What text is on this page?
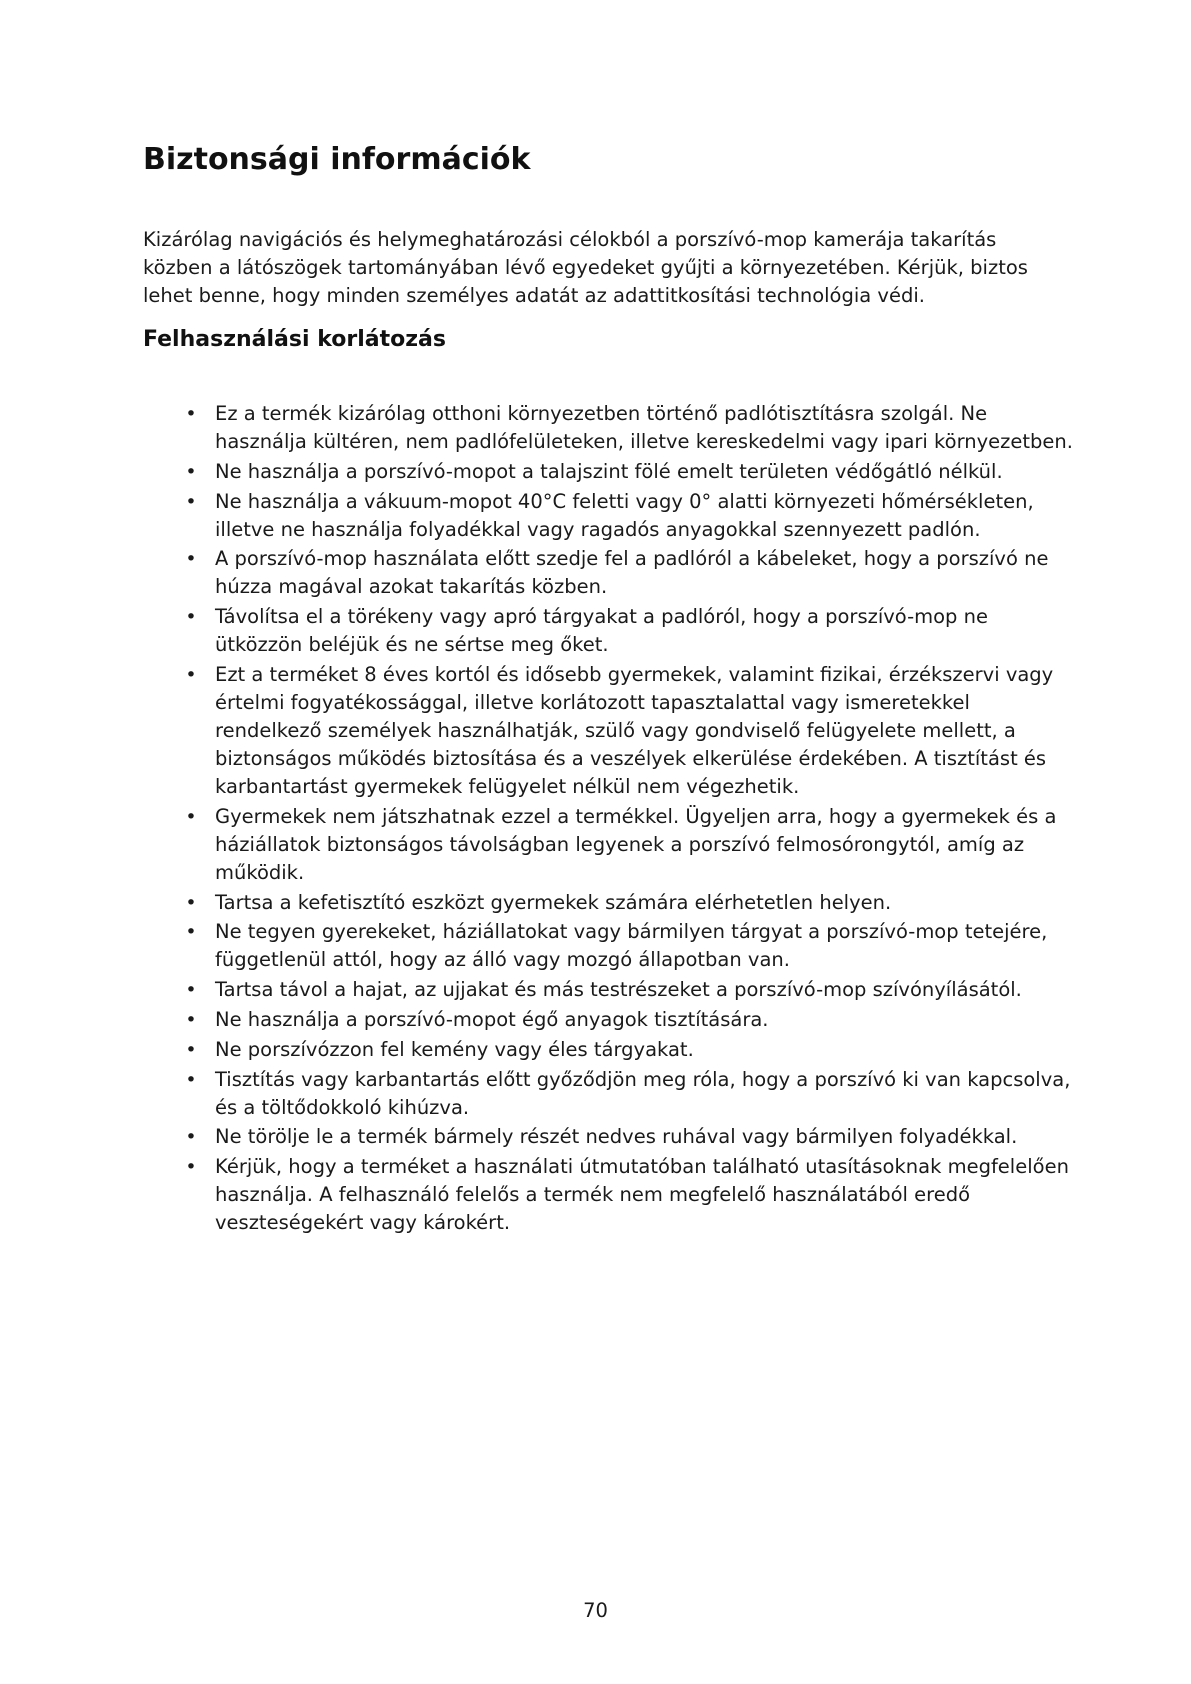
Biztonsági információk

Kizárólag navigációs és helymeghatározási célokból a porszívó-mop kamerája takarítás közben a látószögek tartományában lévő egyedeket gyűjti a környezetében. Kérjük, biztos lehet benne, hogy minden személyes adatát az adattitkosítási technológia védi.

Felhasználási korlátozás
• Ez a termék kizárólag otthoni környezetben történő padlótisztításra szolgál. Ne használja kültéren, nem padlófelületeken, illetve kereskedelmi vagy ipari környezetben.
• Ne használja a porszívó-mopot a talajszint fölé emelt területen védőgátló nélkül.
• Ne használja a vákuum-mopot 40°C feletti vagy 0° alatti környezeti hőmérsékleten, illetve ne használja folyadékkal vagy ragadós anyagokkal szennyezett padlón.
• A porszívó-mop használata előtt szedje fel a padlóról a kábeleket, hogy a porszívó ne húzza magával azokat takarítás közben.
• Távolítsa el a törékeny vagy apró tárgyakat a padlóról, hogy a porszívó-mop ne ütközzön beléjük és ne sértse meg őket.
• Ezt a terméket 8 éves kortól és idősebb gyermekek, valamint fizikai, érzékszervi vagy értelmi fogyatékossággal, illetve korlátozott tapasztalattal vagy ismeretekkel rendelkező személyek használhatják, szülő vagy gondviselő felügyelete mellett, a biztonságos működés biztosítása és a veszélyek elkerülése érdekében. A tisztítást és karbantartást gyermekek felügyelet nélkül nem végezhetik.
• Gyermekek nem játszhatnak ezzel a termékkel. Ügyeljen arra, hogy a gyermekek és a háziállatok biztonságos távolságban legyenek a porszívó felmosórongytól, amíg az működik.
• Tartsa a kefetisztító eszközt gyermekek számára elérhetetlen helyen.
• Ne tegyen gyerekeket, háziállatokat vagy bármilyen tárgyat a porszívó-mop tetejére, függetlenül attól, hogy az álló vagy mozgó állapotban van.
• Tartsa távol a hajat, az ujjakat és más testrészeket a porszívó-mop szívónyílásától.
• Ne használja a porszívó-mopot égő anyagok tisztítására.
• Ne porszívózzon fel kemény vagy éles tárgyakat.
• Tisztítás vagy karbantartás előtt győződjön meg róla, hogy a porszívó ki van kapcsolva, és a töltődokkoló kihúzva.
• Ne törölje le a termék bármely részét nedves ruhával vagy bármilyen folyadékkal.
• Kérjük, hogy a terméket a használati útmutatóban található utasításoknak megfelelően használja. A felhasználó felelős a termék nem megfelelő használatából eredő veszteségekért vagy károkért.
70
